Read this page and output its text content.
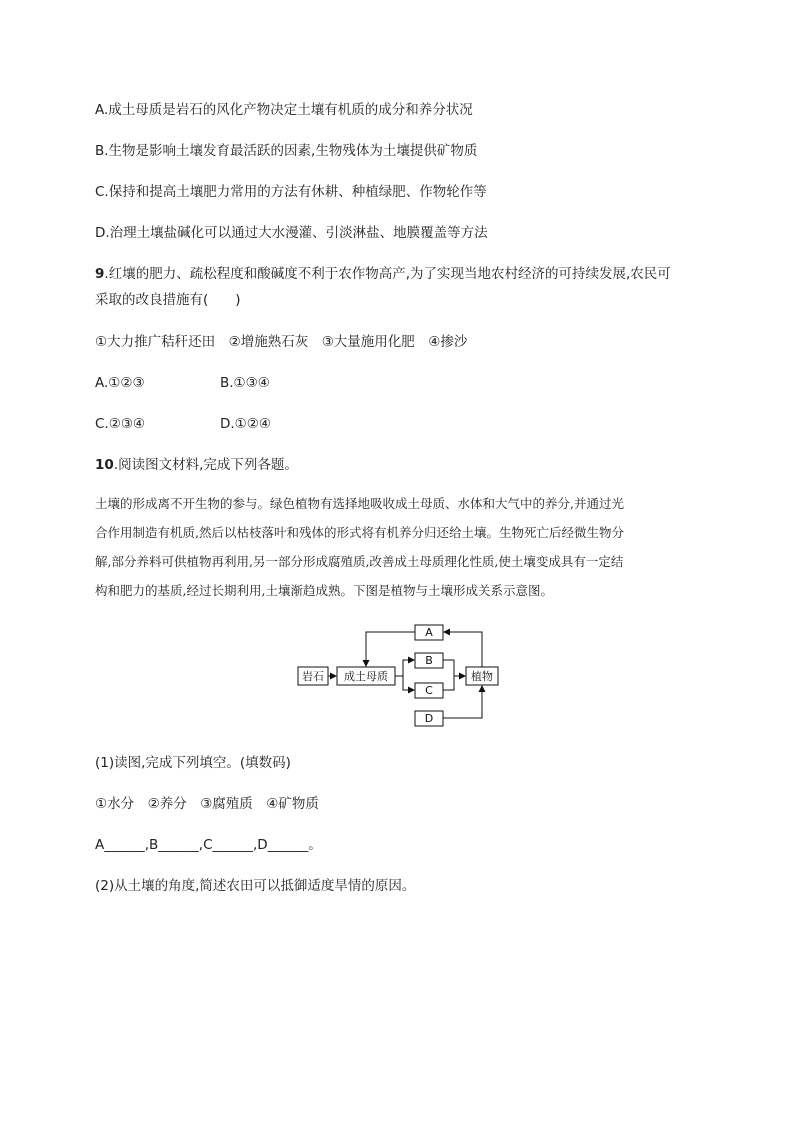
A.成土母质是岩石的风化产物决定土壤有机质的成分和养分状况
B.生物是影响土壤发育最活跃的因素,生物残体为土壤提供矿物质
C.保持和提高土壤肥力常用的方法有休耕、种植绿肥、作物轮作等
D.治理土壤盐碱化可以通过大水漫灌、引淡淋盐、地膜覆盖等方法
9.红壤的肥力、疏松程度和酸碱度不利于农作物高产,为了实现当地农村经济的可持续发展,农民可
采取的改良措施有(　　)
①大力推广秸秆还田　②增施熟石灰　③大量施用化肥　④掺沙
A.①②③	B.①③④
C.②③④	D.①②④
10.阅读图文材料,完成下列各题。
土壤的形成离不开生物的参与。绿色植物有选择地吸收成土母质、水体和大气中的养分,并通过光
合作用制造有机质,然后以枯枝落叶和残体的形式将有机养分归还给土壤。生物死亡后经微生物分
解,部分养料可供植物再利用,另一部分形成腐殖质,改善成土母质理化性质,使土壤变成具有一定结
构和肥力的基质,经过长期利用,土壤渐趋成熟。下图是植物与土壤形成关系示意图。
岩石 成土母质	植物
A
B
C
D
(1)读图,完成下列填空。(填数码)
①水分　②养分　③腐殖质　④矿物质
A______,B______,C______,D______。
(2)从土壤的角度,简述农田可以抵御适度旱情的原因。
